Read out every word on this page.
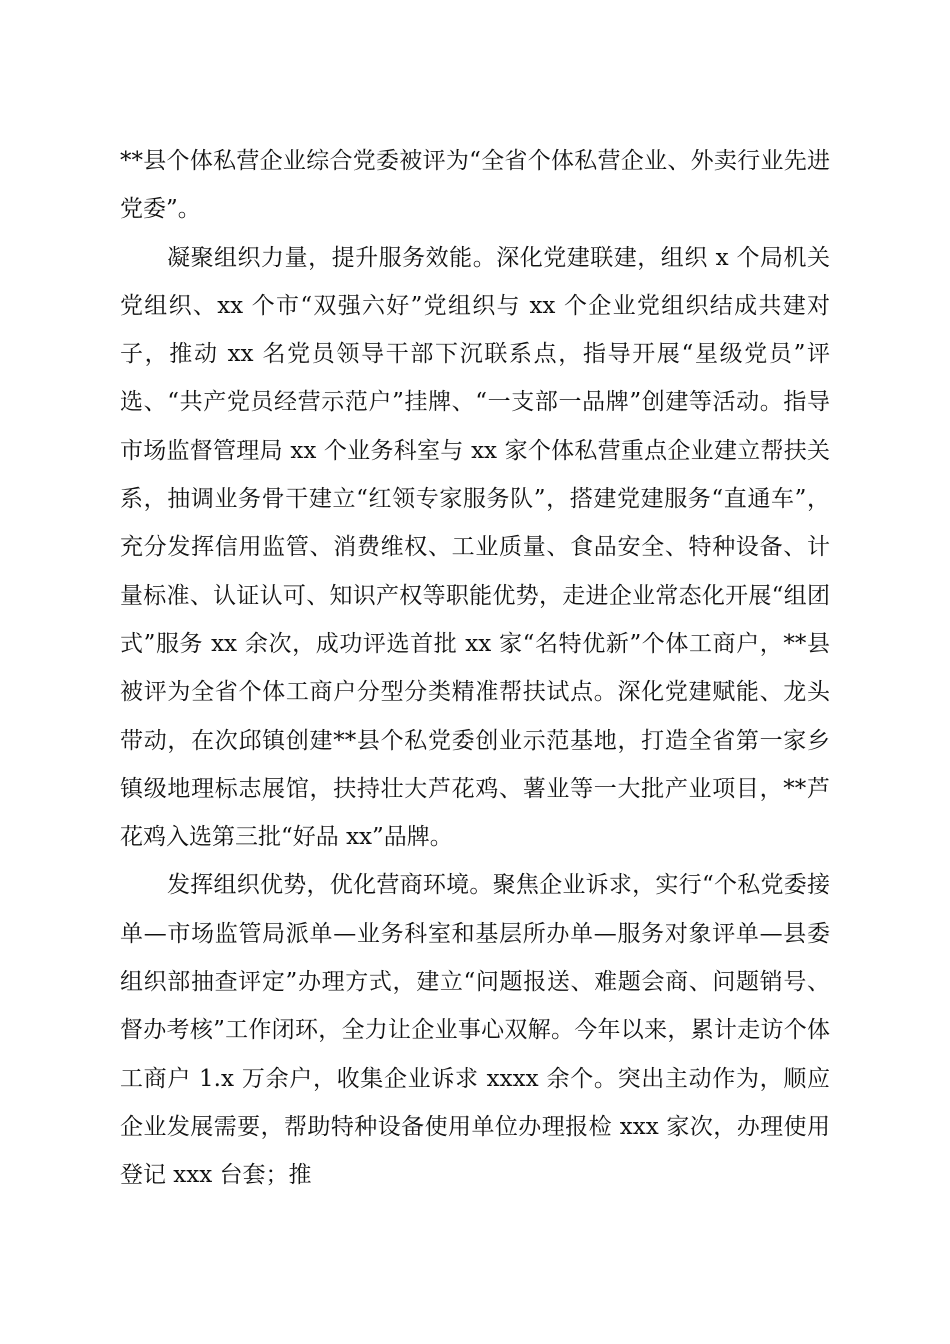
**县个体私营企业综合党委被评为“全省个体私营企业、外卖行业先进党委”。

凝聚组织力量，提升服务效能。深化党建联建，组织 x 个局机关党组织、xx 个市“双强六好”党组织与 xx 个企业党组织结成共建对子，推动 xx 名党员领导干部下沉联系点，指导开展“星级党员”评选、“共产党员经营示范户”挂牌、“一支部一品牌”创建等活动。指导市场监督管理局 xx 个业务科室与 xx 家个体私营重点企业建立帮扶关系，抽调业务骨干建立“红领专家服务队”，搭建党建服务“直通车”，充分发挥信用监管、消费维权、工业质量、食品安全、特种设备、计量标准、认证认可、知识产权等职能优势，走进企业常态化开展“组团式”服务 xx 余次，成功评选首批 xx 家“名特优新”个体工商户，**县被评为全省个体工商户分型分类精准帮扶试点。深化党建赋能、龙头带动，在次邱镇创建**县个私党委创业示范基地，打造全省第一家乡镇级地理标志展馆，扶持壮大芦花鸡、薯业等一大批产业项目，**芦花鸡入选第三批“好品 xx”品牌。

发挥组织优势，优化营商环境。聚焦企业诉求，实行“个私党委接单—市场监管局派单—业务科室和基层所办单—服务对象评单—县委组织部抽查评定”办理方式，建立“问题报送、难题会商、问题销号、督办考核”工作闭环，全力让企业事心双解。今年以来，累计走访个体工商户 1.x 万余户，收集企业诉求 xxxx 余个。突出主动作为，顺应企业发展需要，帮助特种设备使用单位办理报检 xxx 家次，办理使用登记 xxx 台套；推
